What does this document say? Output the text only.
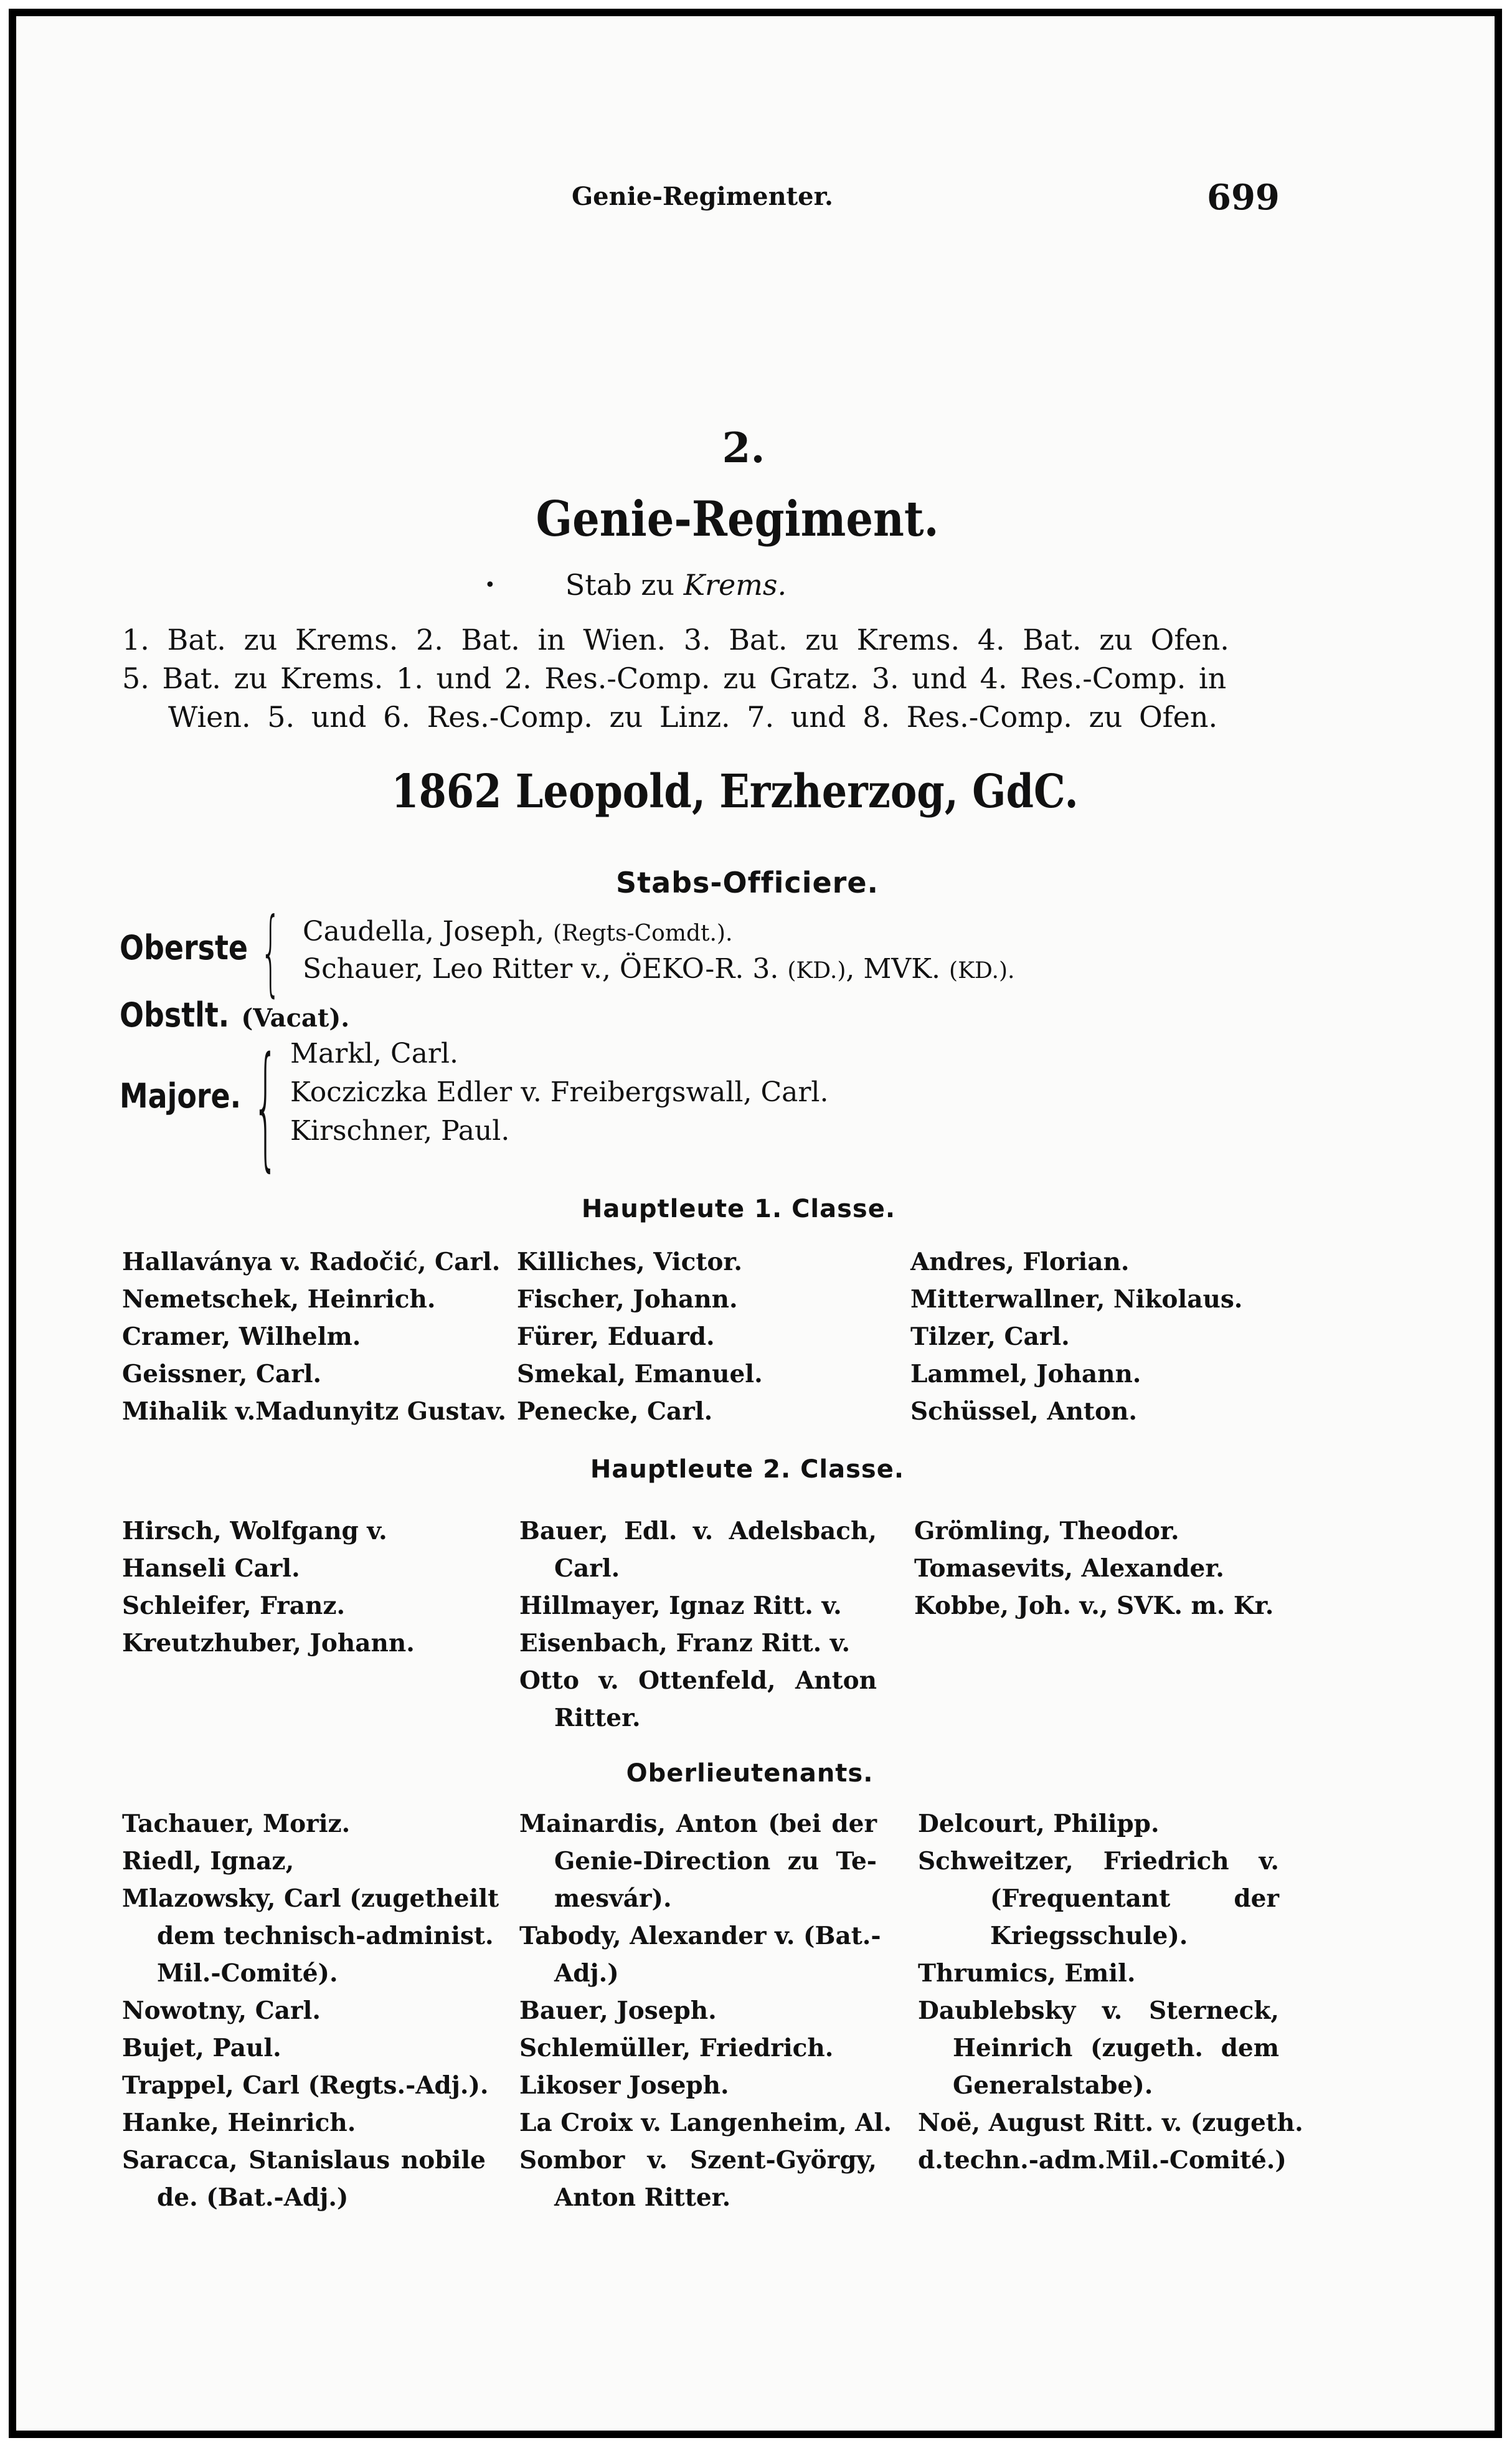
Genie-Regimenter.	699
2.
Genie-Regiment.
• Stab zu Krems.
1. Bat. zu Krems. 2. Bat. in Wien. 3. Bat. zu Krems. 4. Bat. zu Ofen.
5. Bat. zu Krems. 1. und 2. Res.-Comp. zu Gratz. 3. und 4. Res.-Comp. in
Wien. 5. und 6. Res.-Comp. zu Linz. 7. und 8. Res.-Comp. zu Ofen.
1862 Leopold, Erzherzog, GdC.
Stabs-Officiere.
Oberste { Caudella, Joseph, (Regts-Comdt.).
Schauer, Leo Ritter v., ÖEKO-R. 3. (KD.), MVK. (KD.).
Obstlt. (Vacat).
Majore. { Markl, Carl.
Kocziczka Edler v. Freibergswall, Carl.
Kirschner, Paul.
Hauptleute 1. Classe.
Hallaványa v. Radočić, Carl.
Nemetschek, Heinrich.
Cramer, Wilhelm.
Geissner, Carl.
Mihalik v.Madunyitz Gustav.
Killiches, Victor.
Fischer, Johann.
Fürer, Eduard.
Smekal, Emanuel.
Penecke, Carl.
Andres, Florian.
Mitterwallner, Nikolaus.
Tilzer, Carl.
Lammel, Johann.
Schüssel, Anton.
Hauptleute 2. Classe.
Hirsch, Wolfgang v.
Hanseli Carl.
Schleifer, Franz.
Kreutzhuber, Johann.
Bauer, Edl. v. Adelsbach,
Carl.
Hillmayer, Ignaz Ritt. v.
Eisenbach, Franz Ritt. v.
Otto v. Ottenfeld, Anton
Ritter.
Grömling, Theodor.
Tomasevits, Alexander.
Kobbe, Joh. v., SVK. m. Kr.
Oberlieutenants.
Tachauer, Moriz.
Riedl, Ignaz,
Mlazowsky, Carl (zugetheilt
dem technisch-administ.
Mil.-Comité).
Nowotny, Carl.
Bujet, Paul.
Trappel, Carl (Regts.-Adj.).
Hanke, Heinrich.
Saracca, Stanislaus nobile
de. (Bat.-Adj.)
Mainardis, Anton (bei der
Genie-Direction zu Te-
mesvár).
Tabody, Alexander v. (Bat.-
Adj.)
Bauer, Joseph.
Schlemüller, Friedrich.
Likoser Joseph.
La Croix v. Langenheim, Al.
Sombor v. Szent-György,
Anton Ritter.
Delcourt, Philipp.
Schweitzer, Friedrich v.
(Frequentant der
Kriegsschule).
Thrumics, Emil.
Daublebsky v. Sterneck,
Heinrich (zugeth. dem
Generalstabe).
Noë, August Ritt. v. (zugeth.
d.techn.-adm.Mil.-Comité.)
